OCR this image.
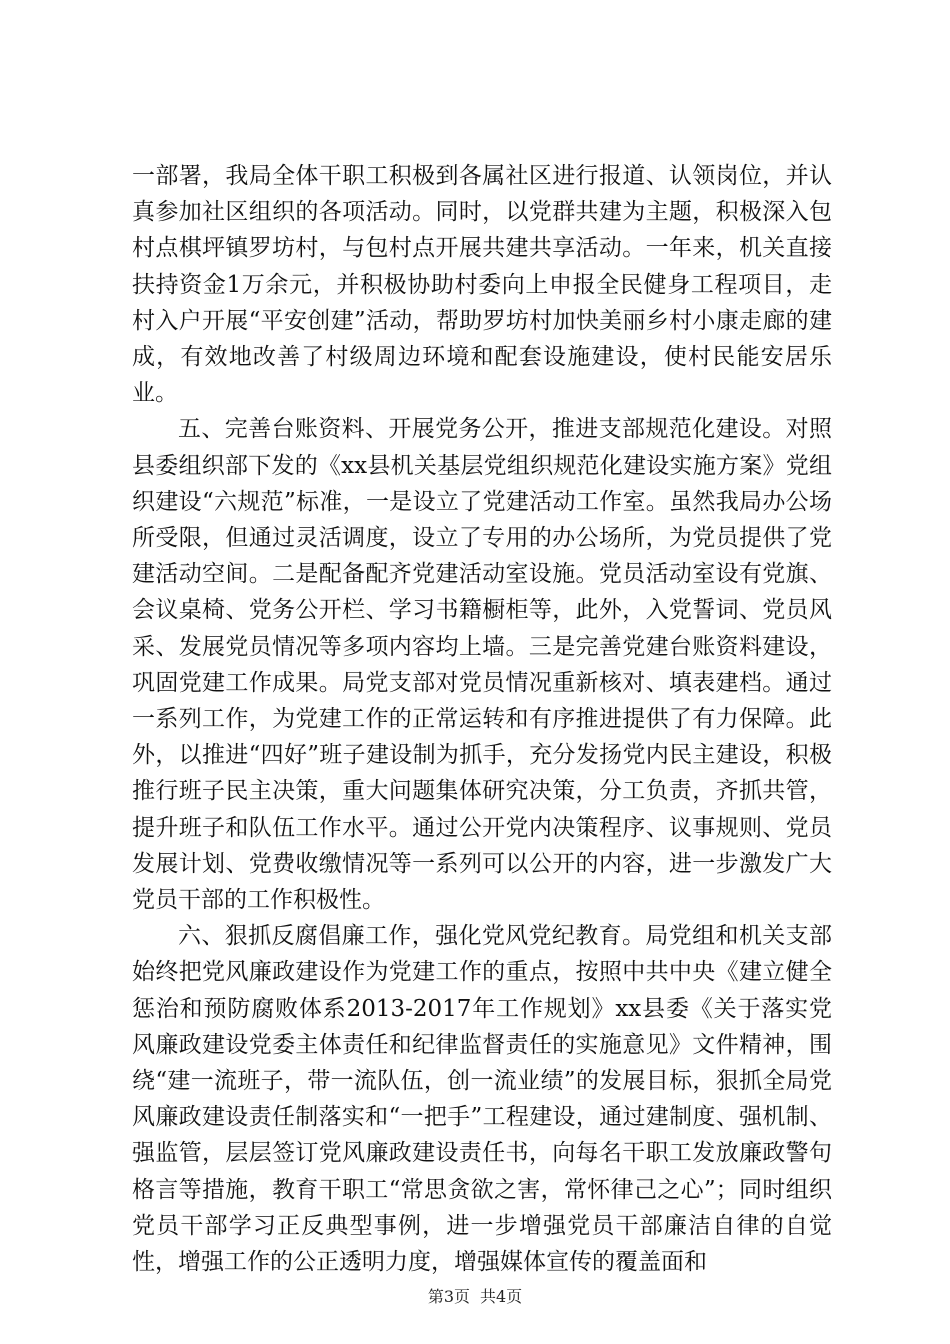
一部署，我局全体干职工积极到各属社区进行报道、认领岗位，并认真参加社区组织的各项活动。同时，以党群共建为主题，积极深入包村点棋坪镇罗坊村，与包村点开展共建共享活动。一年来，机关直接扶持资金1万余元，并积极协助村委向上申报全民健身工程项目，走村入户开展“平安创建”活动，帮助罗坊村加快美丽乡村小康走廊的建成，有效地改善了村级周边环境和配套设施建设，使村民能安居乐业。

五、完善台账资料、开展党务公开，推进支部规范化建设。对照县委组织部下发的《xx县机关基层党组织规范化建设实施方案》党组织建设“六规范”标准，一是设立了党建活动工作室。虽然我局办公场所受限，但通过灵活调度，设立了专用的办公场所，为党员提供了党建活动空间。二是配备配齐党建活动室设施。党员活动室设有党旗、会议桌椅、党务公开栏、学习书籍橱柜等，此外，入党誓词、党员风采、发展党员情况等多项内容均上墙。三是完善党建台账资料建设，巩固党建工作成果。局党支部对党员情况重新核对、填表建档。通过一系列工作，为党建工作的正常运转和有序推进提供了有力保障。此外，以推进“四好”班子建设制为抓手，充分发扬党内民主建设，积极推行班子民主决策，重大问题集体研究决策，分工负责，齐抓共管，提升班子和队伍工作水平。通过公开党内决策程序、议事规则、党员发展计划、党费收缴情况等一系列可以公开的内容，进一步激发广大党员干部的工作积极性。

六、狠抓反腐倡廉工作，强化党风党纪教育。局党组和机关支部始终把党风廉政建设作为党建工作的重点，按照中共中央《建立健全惩治和预防腐败体系2013-2017年工作规划》xx县委《关于落实党风廉政建设党委主体责任和纪律监督责任的实施意见》文件精神，围绕“建一流班子，带一流队伍，创一流业绩”的发展目标，狠抓全局党风廉政建设责任制落实和“一把手”工程建设，通过建制度、强机制、强监管，层层签订党风廉政建设责任书，向每名干职工发放廉政警句格言等措施，教育干职工“常思贪欲之害，常怀律己之心”；同时组织党员干部学习正反典型事例，进一步增强党员干部廉洁自律的自觉性，增强工作的公正透明力度，增强媒体宣传的覆盖面和

第3页 共4页
